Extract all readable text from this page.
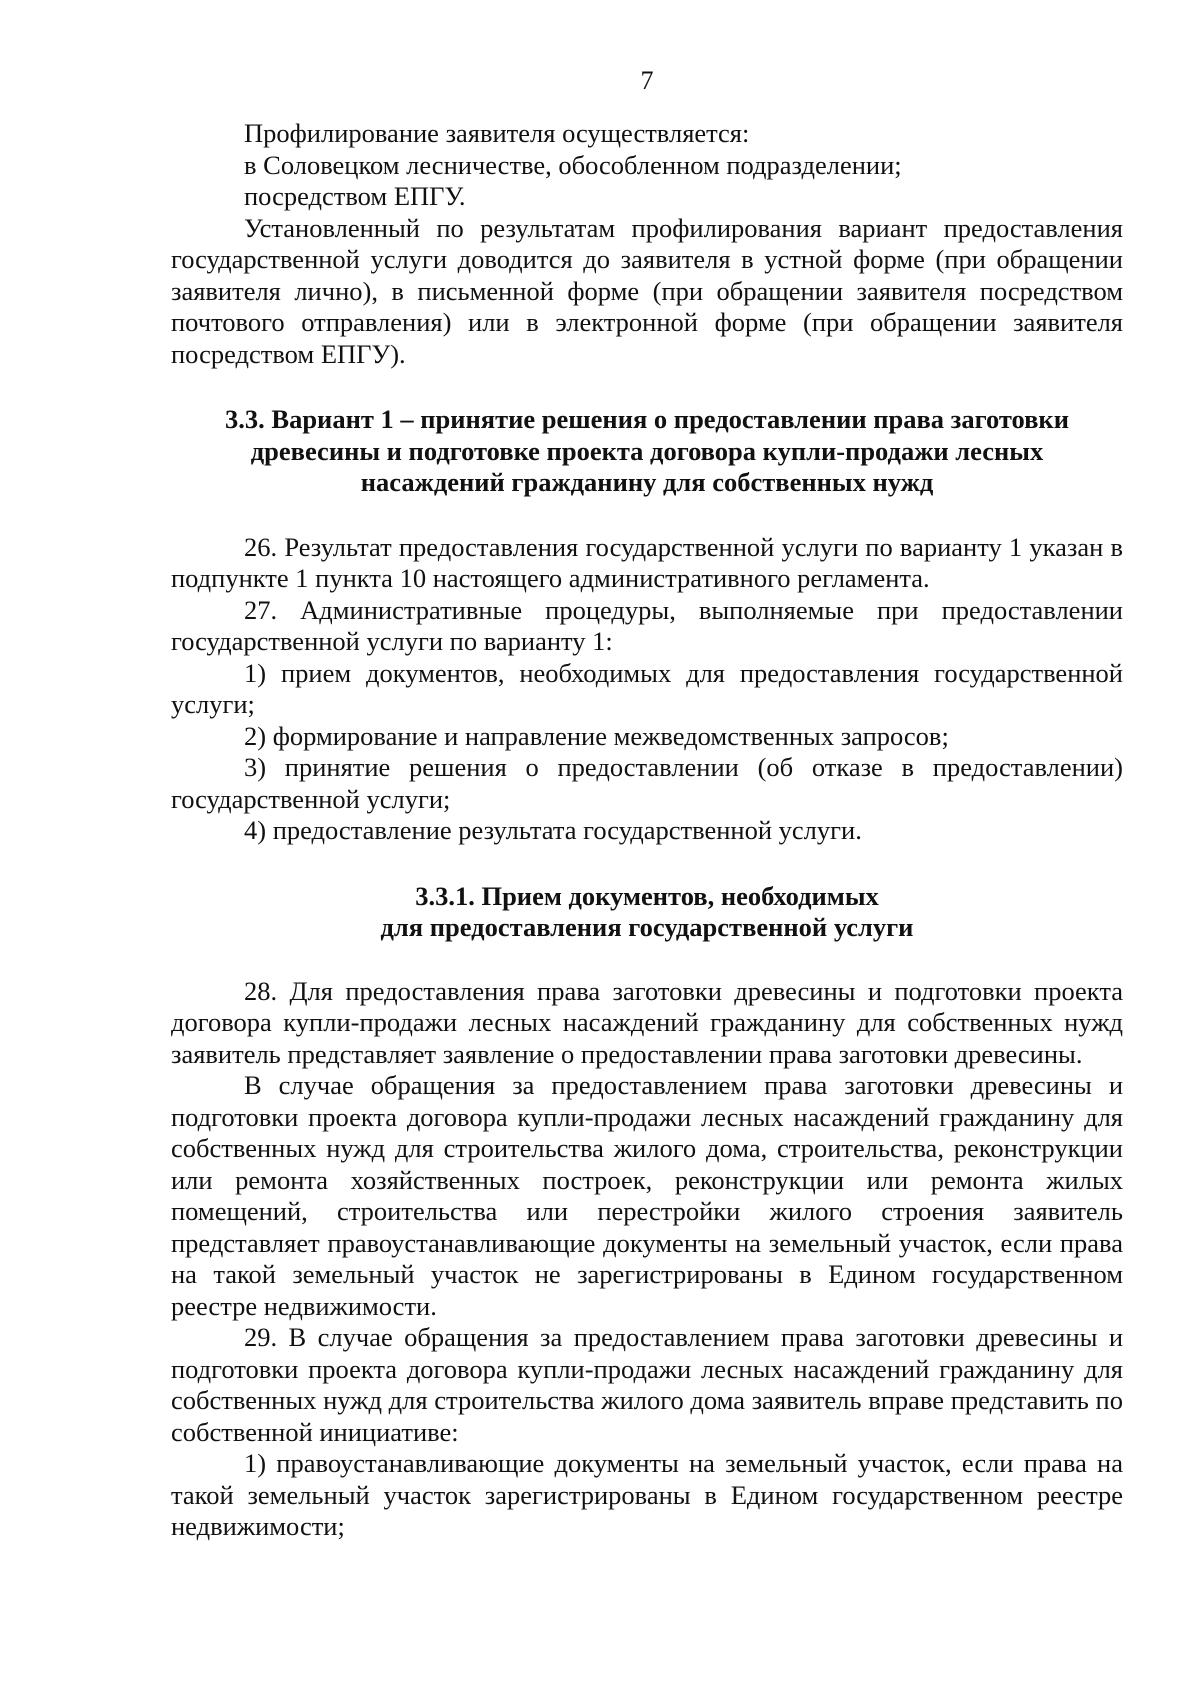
7

Профилирование заявителя осуществляется:

в Соловецком лесничестве, обособленном подразделении;

посредством ЕПГУ.

Установленный по результатам профилирования вариант предоставления государственной услуги доводится до заявителя в устной форме (при обращении заявителя лично), в письменной форме (при обращении заявителя посредством почтового отправления) или в электронной форме (при обращении заявителя посредством ЕПГУ).

3.3. Вариант 1 – принятие решения о предоставлении права заготовки
древесины и подготовке проекта договора купли-продажи лесных
насаждений гражданину для собственных нужд

26. Результат предоставления государственной услуги по варианту 1 указан в подпункте 1 пункта 10 настоящего административного регламента.

27. Административные процедуры, выполняемые при предоставлении государственной услуги по варианту 1:

1) прием документов, необходимых для предоставления государственной услуги;

2) формирование и направление межведомственных запросов;

3) принятие решения о предоставлении (об отказе в предоставлении) государственной услуги;

4) предоставление результата государственной услуги.

3.3.1. Прием документов, необходимых
для предоставления государственной услуги

28. Для предоставления права заготовки древесины и подготовки проекта договора купли-продажи лесных насаждений гражданину для собственных нужд заявитель представляет заявление о предоставлении права заготовки древесины.

В случае обращения за предоставлением права заготовки древесины и подготовки проекта договора купли-продажи лесных насаждений гражданину для собственных нужд для строительства жилого дома, строительства, реконструкции или ремонта хозяйственных построек, реконструкции или ремонта жилых помещений, строительства или перестройки жилого строения заявитель представляет правоустанавливающие документы на земельный участок, если права на такой земельный участок не зарегистрированы в Едином государственном реестре недвижимости.

29. В случае обращения за предоставлением права заготовки древесины и подготовки проекта договора купли-продажи лесных насаждений гражданину для собственных нужд для строительства жилого дома заявитель вправе представить по собственной инициативе:

1) правоустанавливающие документы на земельный участок, если права на такой земельный участок зарегистрированы в Едином государственном реестре недвижимости;
